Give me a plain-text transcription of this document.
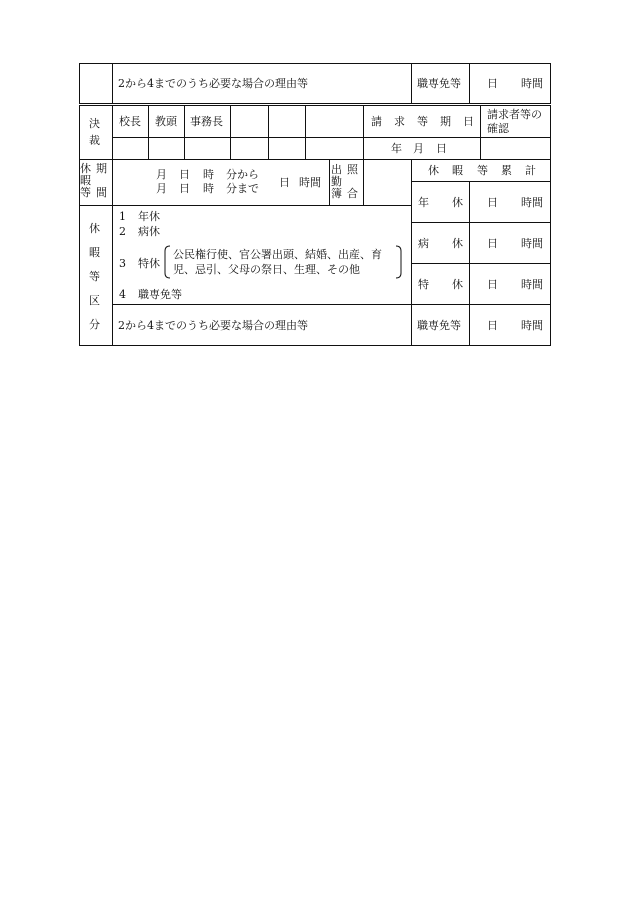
2から4までのうち必要な場合の理由等	職専免等 日 時間
決
裁
校長 教頭 事務長	請 求 等 期 日
請求者等の
確認
年 月 日
休
暇
等
期
間
月 日 時 分から
月 日 時 分まで 日 時間
出
勤
簿
照
合
休 暇 等 累 計
年 休 日 時間
病 休 日 時間
特 休 日 時間
職専免等 日 時間
休
暇
等
区
分
1 年休
2 病休
3 特休
公民権行使、官公署出頭、結婚、出産、育
児、忌引、父母の祭日、生理、その他
4 職専免等
2から4までのうち必要な場合の理由等
